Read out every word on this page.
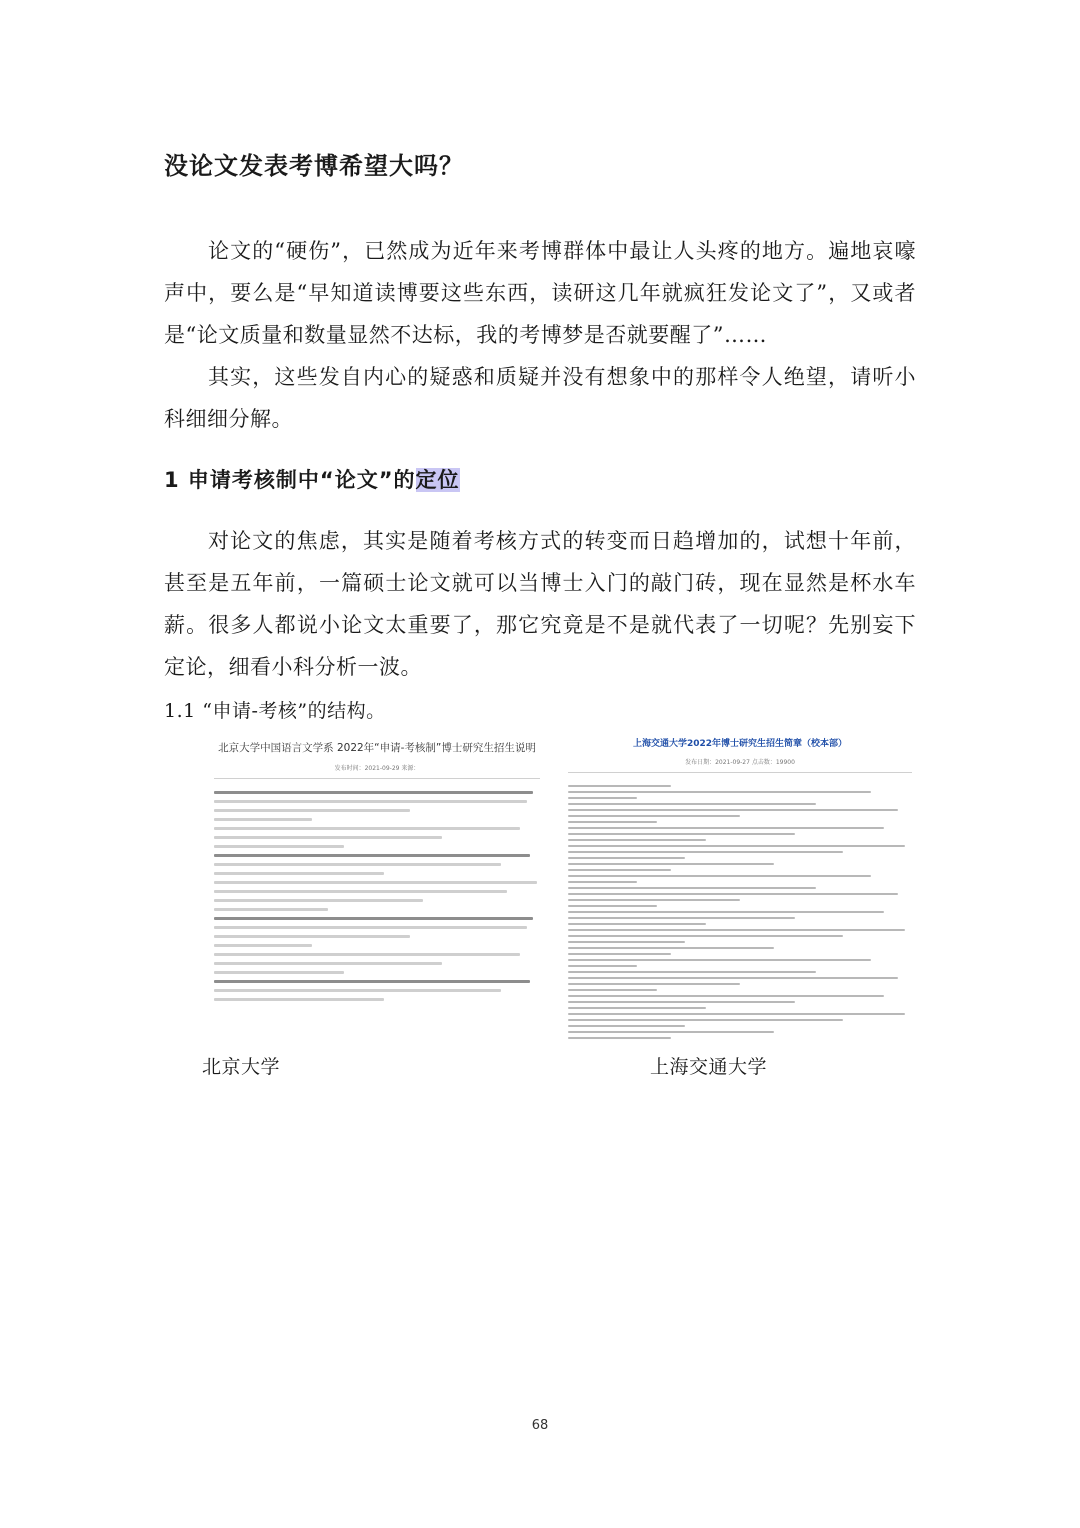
没论文发表考博希望大吗？

论文的“硬伤”，已然成为近年来考博群体中最让人头疼的地方。遍地哀嚎声中，要么是“早知道读博要这些东西，读研这几年就疯狂发论文了”，又或者是“论文质量和数量显然不达标，我的考博梦是否就要醒了”……

其实，这些发自内心的疑惑和质疑并没有想象中的那样令人绝望，请听小科细细分解。

1 申请考核制中“论文”的定位

对论文的焦虑，其实是随着考核方式的转变而日趋增加的，试想十年前，甚至是五年前，一篇硕士论文就可以当博士入门的敲门砖，现在显然是杯水车薪。很多人都说小论文太重要了，那它究竟是不是就代表了一切呢？先别妄下定论，细看小科分析一波。

1.1 “申请-考核”的结构。
北京大学中国语言文学系 2022年“申请-考核制”博士研究生招生说明
发布时间：2021-09-29 来源：
上海交通大学2022年博士研究生招生简章（校本部）
发布日期：2021-09-27 点击数：19900
北京大学	上海交通大学
68
